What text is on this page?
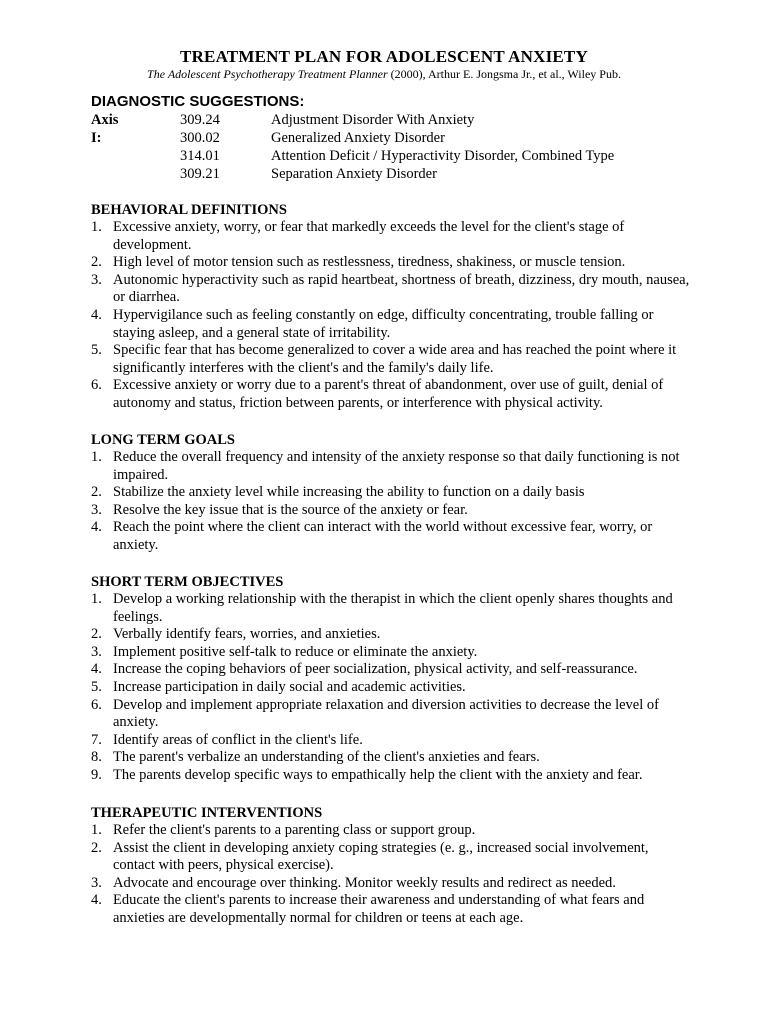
TREATMENT PLAN FOR ADOLESCENT ANXIETY
The Adolescent Psychotherapy Treatment Planner (2000), Arthur E. Jongsma Jr., et al., Wiley Pub.
DIAGNOSTIC SUGGESTIONS:
Axis I:
309.24	Adjustment Disorder With Anxiety
300.02	Generalized Anxiety Disorder
314.01	Attention Deficit / Hyperactivity Disorder, Combined Type
309.21	Separation Anxiety Disorder
BEHAVIORAL DEFINITIONS
1. Excessive anxiety, worry, or fear that markedly exceeds the level for the client's stage of development.
2. High level of motor tension such as restlessness, tiredness, shakiness, or muscle tension.
3. Autonomic hyperactivity such as rapid heartbeat, shortness of breath, dizziness, dry mouth, nausea, or diarrhea.
4. Hypervigilance such as feeling constantly on edge, difficulty concentrating, trouble falling or staying asleep, and a general state of irritability.
5. Specific fear that has become generalized to cover a wide area and has reached the point where it significantly interferes with the client's and the family's daily life.
6. Excessive anxiety or worry due to a parent's threat of abandonment, over use of guilt, denial of autonomy and status, friction between parents, or interference with physical activity.
LONG TERM GOALS
1. Reduce the overall frequency and intensity of the anxiety response so that daily functioning is not impaired.
2. Stabilize the anxiety level while increasing the ability to function on a daily basis
3. Resolve the key issue that is the source of the anxiety or fear.
4. Reach the point where the client can interact with the world without excessive fear, worry, or anxiety.
SHORT TERM OBJECTIVES
1. Develop a working relationship with the therapist in which the client openly shares thoughts and feelings.
2. Verbally identify fears, worries, and anxieties.
3. Implement positive self-talk to reduce or eliminate the anxiety.
4. Increase the coping behaviors of peer socialization, physical activity, and self-reassurance.
5. Increase participation in daily social and academic activities.
6. Develop and implement appropriate relaxation and diversion activities to decrease the level of anxiety.
7. Identify areas of conflict in the client's life.
8. The parent's verbalize an understanding of the client's anxieties and fears.
9. The parents develop specific ways to empathically help the client with the anxiety and fear.
THERAPEUTIC INTERVENTIONS
1. Refer the client's parents to a parenting class or support group.
2. Assist the client in developing anxiety coping strategies (e. g., increased social involvement, contact with peers, physical exercise).
3. Advocate and encourage over thinking. Monitor weekly results and redirect as needed.
4. Educate the client's parents to increase their awareness and understanding of what fears and anxieties are developmentally normal for children or teens at each age.
